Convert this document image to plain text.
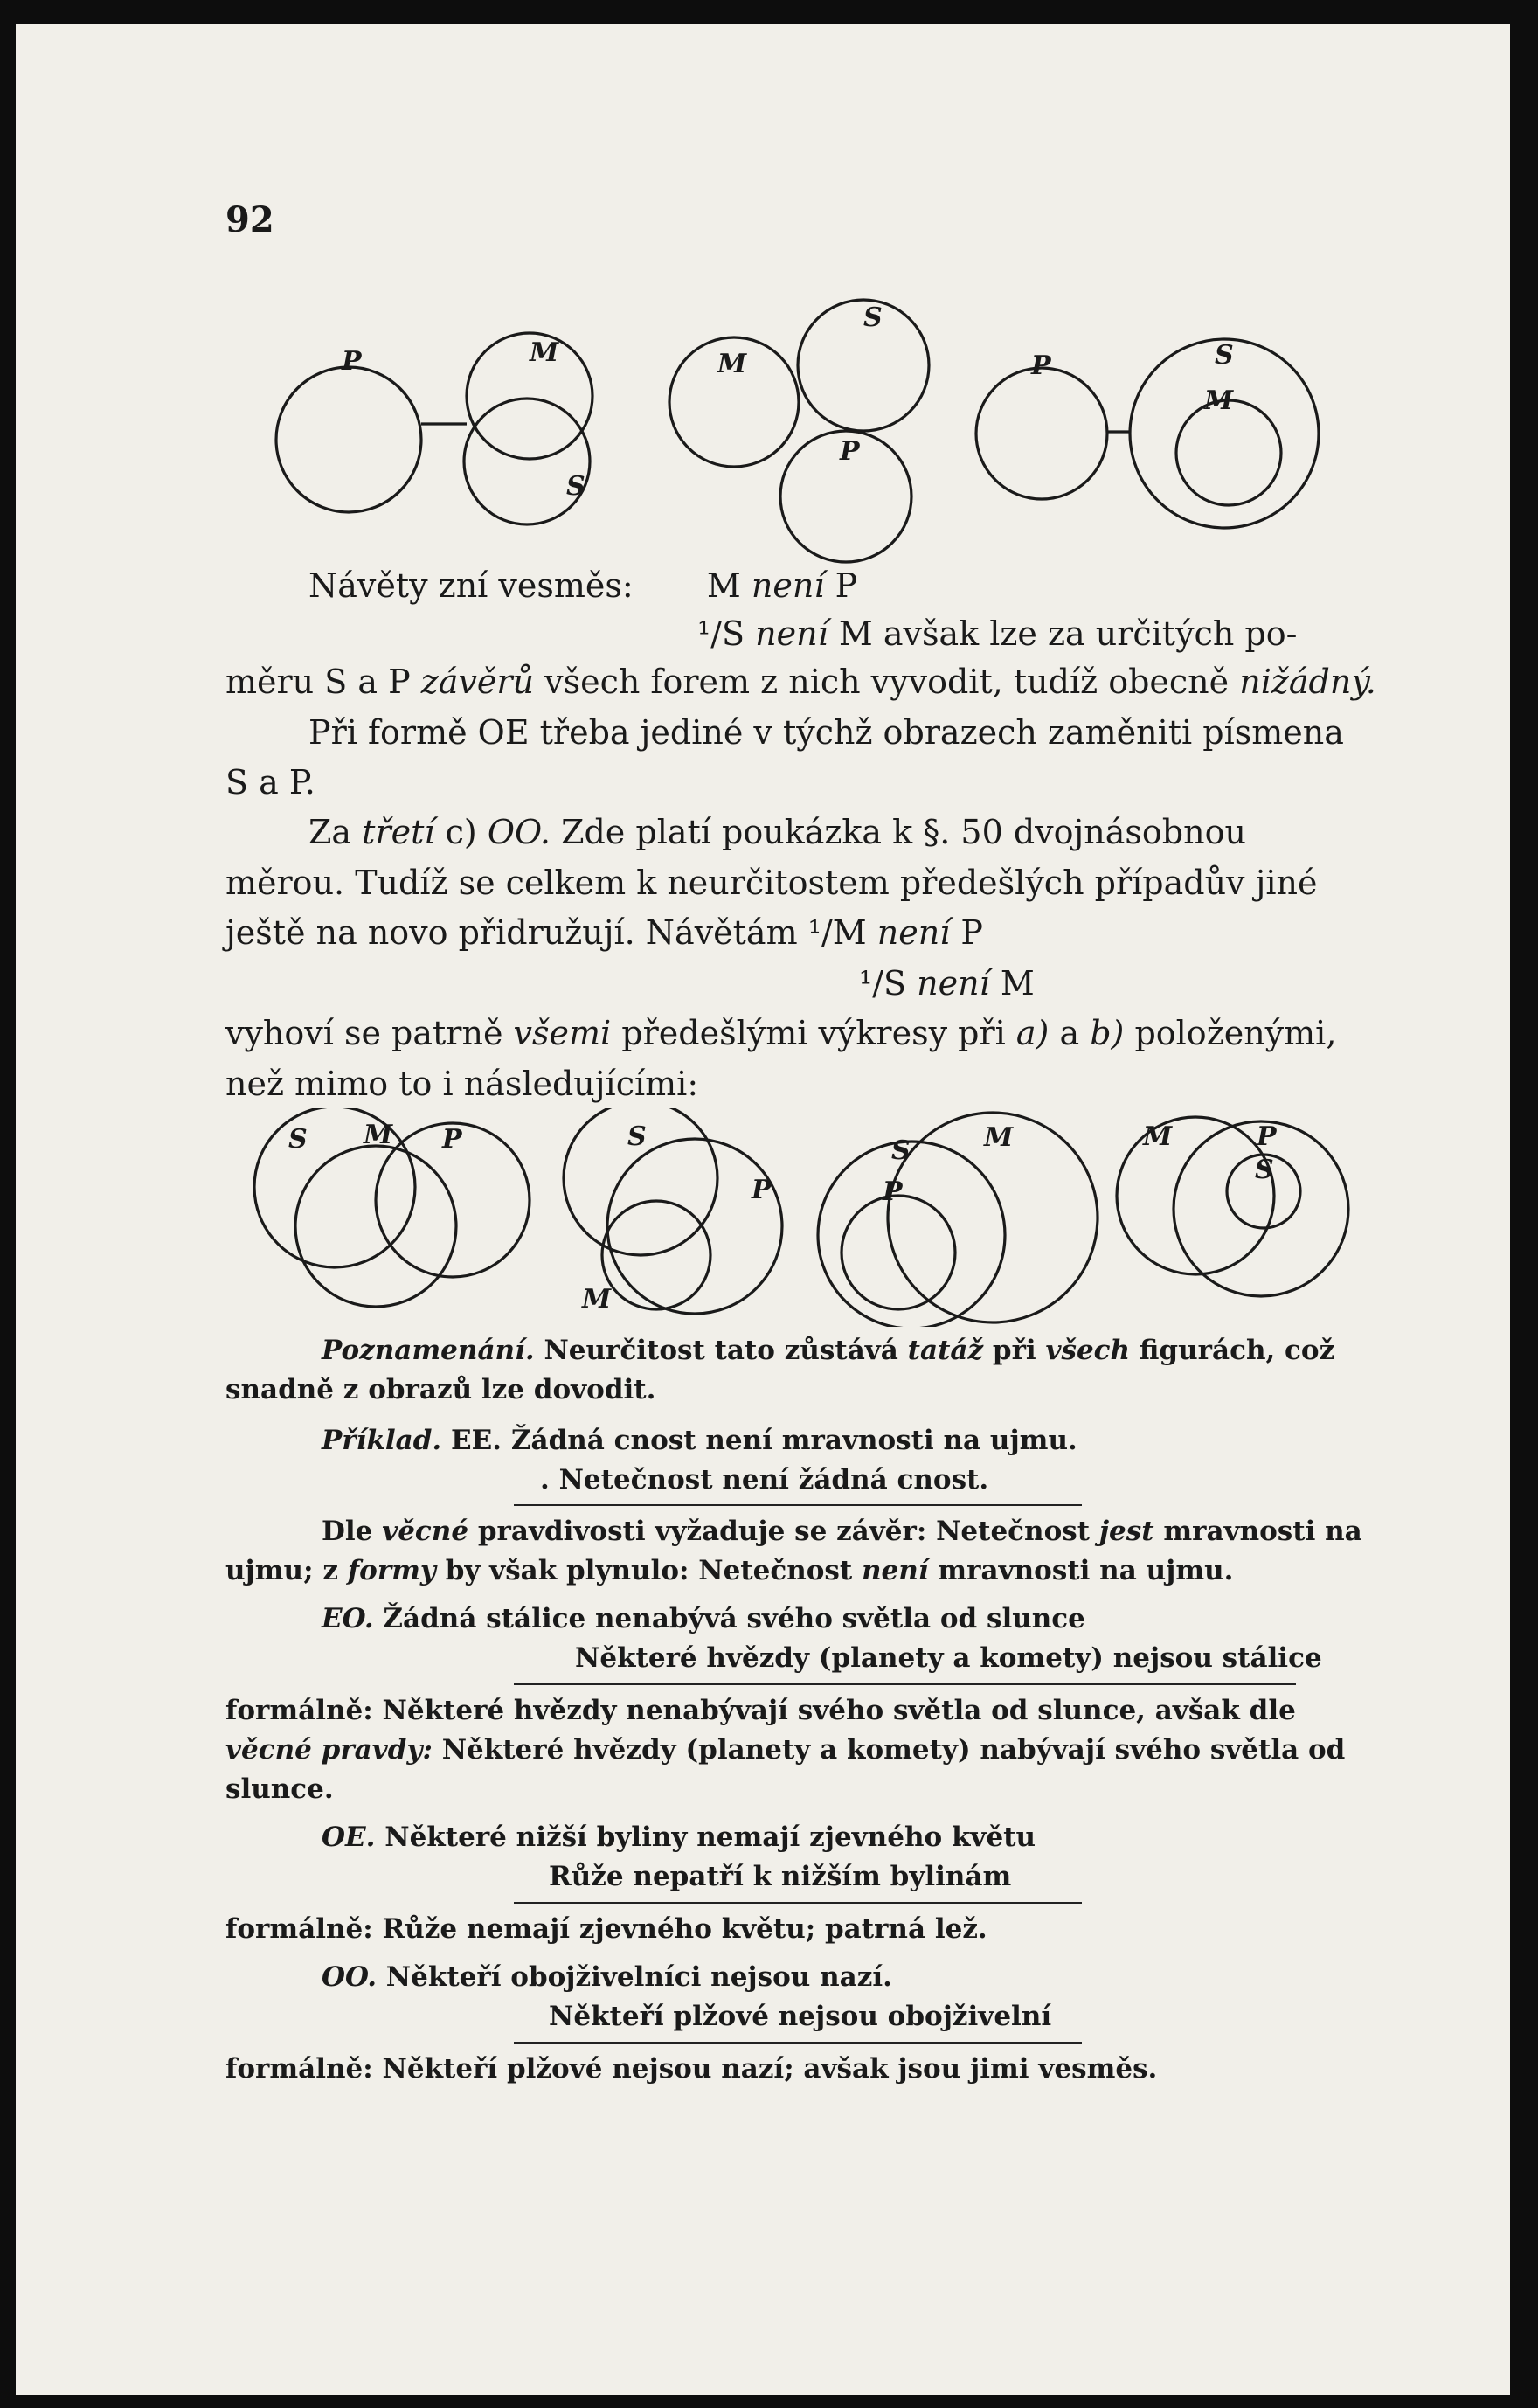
92
P	M
S
M
S
P
P	S
M
Návěty zní vesměs: M není P
¹/S není M avšak lze za určitých po-
měru S a P závěrů všech forem z nich vyvodit, tudíž obecně nižádný.
Při formě OE třeba jediné v týchž obrazech zaměniti písmena
S a P.
Za třetí c) OO. Zde platí poukázka k §. 50 dvojnásobnou
měrou. Tudíž se celkem k neurčitostem předešlých případův jiné
ještě na novo přidružují. Návětám ¹/M není P
¹/S není M
vyhoví se patrně všemi předešlými výkresy při a) a b) položenými,
než mimo to i následujícími:
S M P	S
P
M
S	M
P
M	P
S
Poznamenání. Neurčitost tato zůstává tatáž při všech figurách, což
snadně z obrazů lze dovodit.
Příklad. EE. Žádná cnost není mravnosti na ujmu.
. Netečnost není žádná cnost.
Dle věcné pravdivosti vyžaduje se závěr: Netečnost jest mravnosti na
ujmu; z formy by však plynulo: Netečnost není mravnosti na ujmu.
EO. Žádná stálice nenabývá svého světla od slunce
Některé hvězdy (planety a komety) nejsou stálice
formálně: Některé hvězdy nenabývají svého světla od slunce, avšak dle
věcné pravdy: Některé hvězdy (planety a komety) nabývají svého světla od
slunce.
OE. Některé nižší byliny nemají zjevného květu
Růže nepatří k nižším bylinám
formálně: Růže nemají zjevného květu; patrná lež.
OO. Někteří obojživelníci nejsou nazí.
Někteří plžové nejsou obojživelní
formálně: Někteří plžové nejsou nazí; avšak jsou jimi vesměs.
